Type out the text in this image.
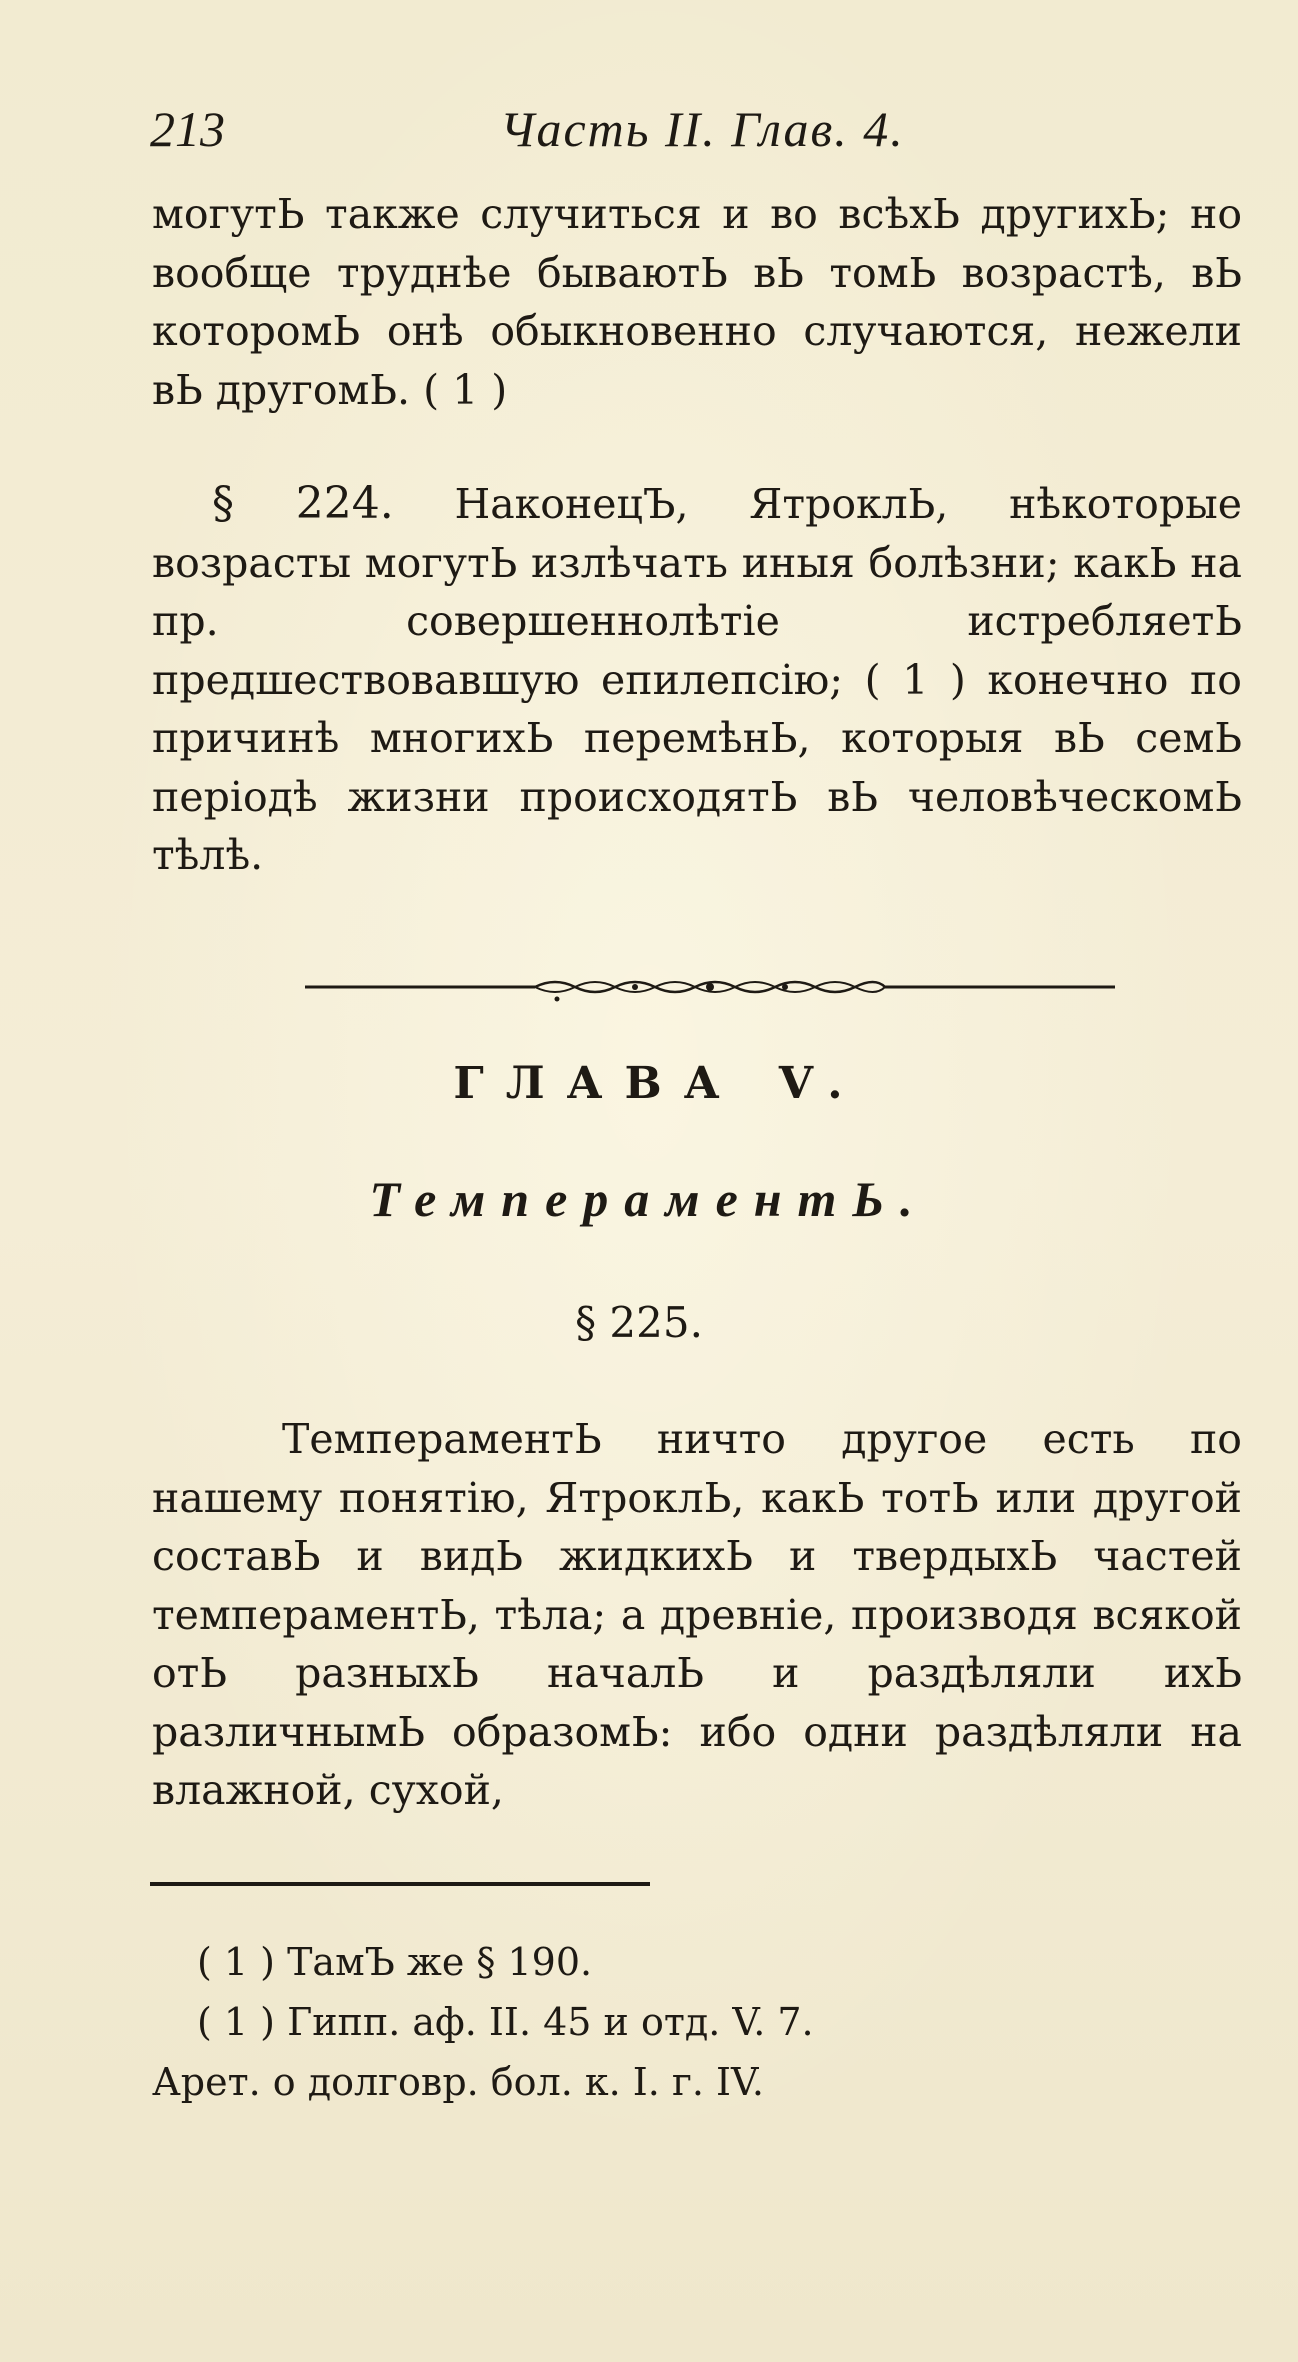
213	Часть II. Глав. 4.
могутЬ также случиться и во всѣхЬ другихЬ; но вообще труднѣе бываютЬ вЬ томЬ возрастѣ, вЬ которомЬ онѣ обыкновенно случаются, нежели вЬ другомЬ. ( 1 )
§ 224. НаконецЪ, ЯтроклЬ, нѣкоторые возрасты могутЬ излѣчать иныя болѣзни; какЬ на пр. совершеннолѣтіе истребляетЬ предшествовавшую епилепсію; ( 1 ) конечно по причинѣ многихЬ перемѣнЬ, которыя вЬ семЬ періодѣ жизни происходятЬ вЬ человѣческомЬ тѣлѣ.
ГЛАВА V.
ТемпераментЬ.
§ 225.
ТемпераментЬ ничто другое есть по нашему понятію, ЯтроклЬ, какЬ тотЬ или другой составЬ и видЬ жидкихЬ и твердыхЬ частей темпераментЬ, тѣла; а древніе, производя всякой отЬ разныхЬ началЬ и раздѣляли ихЬ различнымЬ образомЬ: ибо одни раздѣляли на влажной, сухой,
( 1 ) ТамЪ же § 190.
( 1 ) Гипп. аф. II. 45 и отд. V. 7.
Арет. о долговр. бол. к. I. г. IV.
